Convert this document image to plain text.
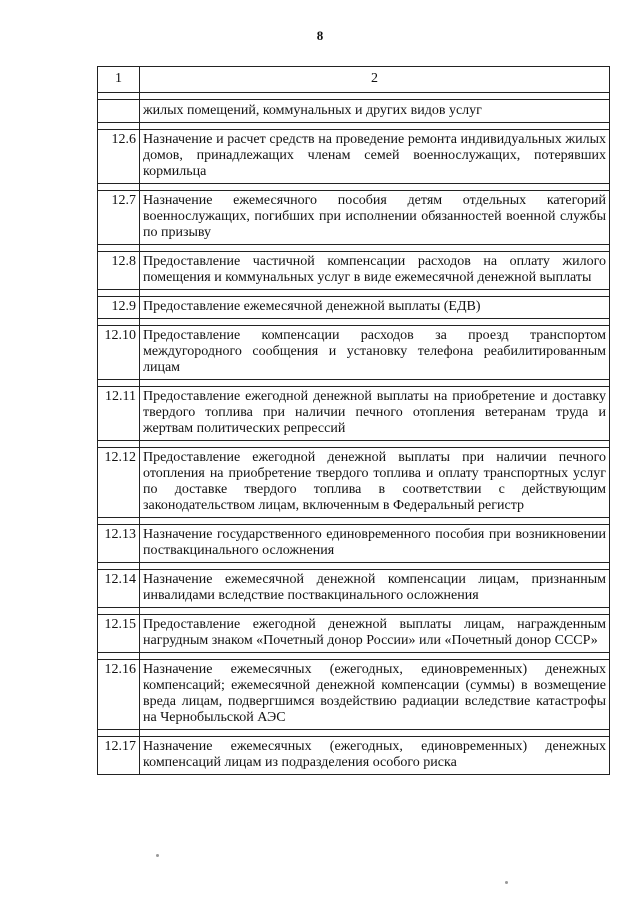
8
1	2

	жилых помещений, коммунальных и других видов услуг

12.6	Назначение и расчет средств на проведение ремонта индивидуальных жилых домов, принадлежащих членам семей военнослужащих, потерявших кормильца

12.7	Назначение ежемесячного пособия детям отдельных категорий военнослужащих, погибших при исполнении обязанностей военной службы по призыву

12.8	Предоставление частичной компенсации расходов на оплату жилого помещения и коммунальных услуг в виде ежемесячной денежной выплаты

12.9	Предоставление ежемесячной денежной выплаты (ЕДВ)

12.10	Предоставление компенсации расходов за проезд транспортом междугородного сообщения и установку телефона реабилитированным лицам

12.11	Предоставление ежегодной денежной выплаты на приобретение и доставку твердого топлива при наличии печного отопления ветеранам труда и жертвам политических репрессий

12.12	Предоставление ежегодной денежной выплаты при наличии печного отопления на приобретение твердого топлива и оплату транспортных услуг по доставке твердого топлива в соответствии с действующим законодательством лицам, включенным в Федеральный регистр

12.13	Назначение государственного единовременного пособия при возникновении поствакцинального осложнения

12.14	Назначение ежемесячной денежной компенсации лицам, признанным инвалидами вследствие поствакцинального осложнения

12.15	Предоставление ежегодной денежной выплаты лицам, награжденным нагрудным знаком «Почетный донор России» или «Почетный донор СССР»

12.16	Назначение ежемесячных (ежегодных, единовременных) денежных компенсаций; ежемесячной денежной компенсации (суммы) в возмещение вреда лицам, подвергшимся воздействию радиации вследствие катастрофы на Чернобыльской АЭС

12.17	Назначение ежемесячных (ежегодных, единовременных) денежных компенсаций лицам из подразделения особого риска
